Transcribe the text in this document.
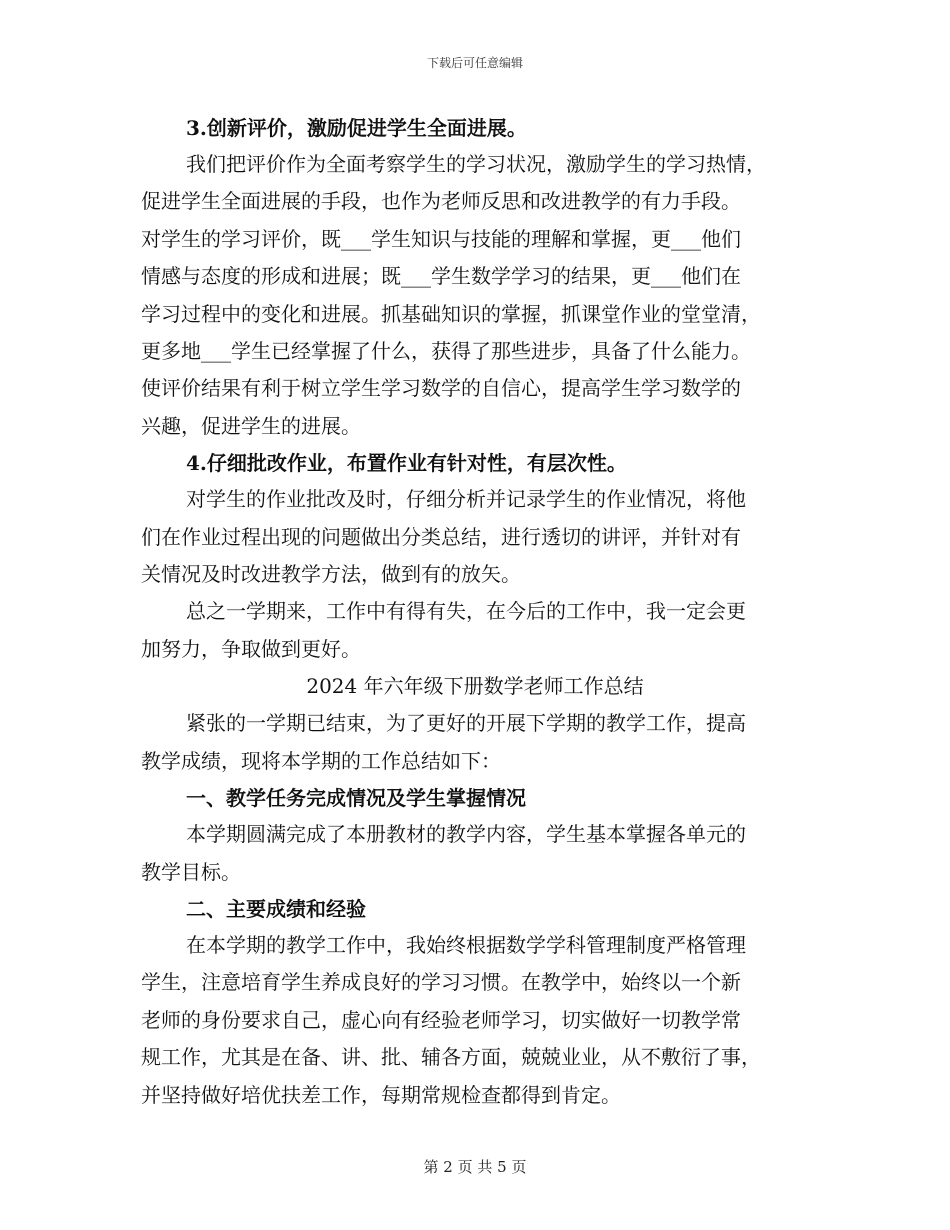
下载后可任意编辑

3.创新评价，激励促进学生全面进展。

我们把评价作为全面考察学生的学习状况，激励学生的学习热情，
促进学生全面进展的手段，也作为老师反思和改进教学的有力手段。
对学生的学习评价，既___学生知识与技能的理解和掌握，更___他们
情感与态度的形成和进展；既___学生数学学习的结果，更___他们在
学习过程中的变化和进展。抓基础知识的掌握，抓课堂作业的堂堂清，
更多地___学生已经掌握了什么，获得了那些进步，具备了什么能力。
使评价结果有利于树立学生学习数学的自信心，提高学生学习数学的
兴趣，促进学生的进展。

4.仔细批改作业，布置作业有针对性，有层次性。

对学生的作业批改及时，仔细分析并记录学生的作业情况，将他
们在作业过程出现的问题做出分类总结，进行透切的讲评，并针对有
关情况及时改进教学方法，做到有的放矢。

总之一学期来，工作中有得有失，在今后的工作中，我一定会更
加努力，争取做到更好。

2024 年六年级下册数学老师工作总结

紧张的一学期已结束，为了更好的开展下学期的教学工作，提高
教学成绩，现将本学期的工作总结如下：

一、教学任务完成情况及学生掌握情况

本学期圆满完成了本册教材的教学内容，学生基本掌握各单元的
教学目标。

二、主要成绩和经验

在本学期的教学工作中，我始终根据数学学科管理制度严格管理
学生，注意培育学生养成良好的学习习惯。在教学中，始终以一个新
老师的身份要求自己，虚心向有经验老师学习，切实做好一切教学常
规工作，尤其是在备、讲、批、辅各方面，兢兢业业，从不敷衍了事，
并坚持做好培优扶差工作，每期常规检查都得到肯定。

第 2 页 共 5 页
